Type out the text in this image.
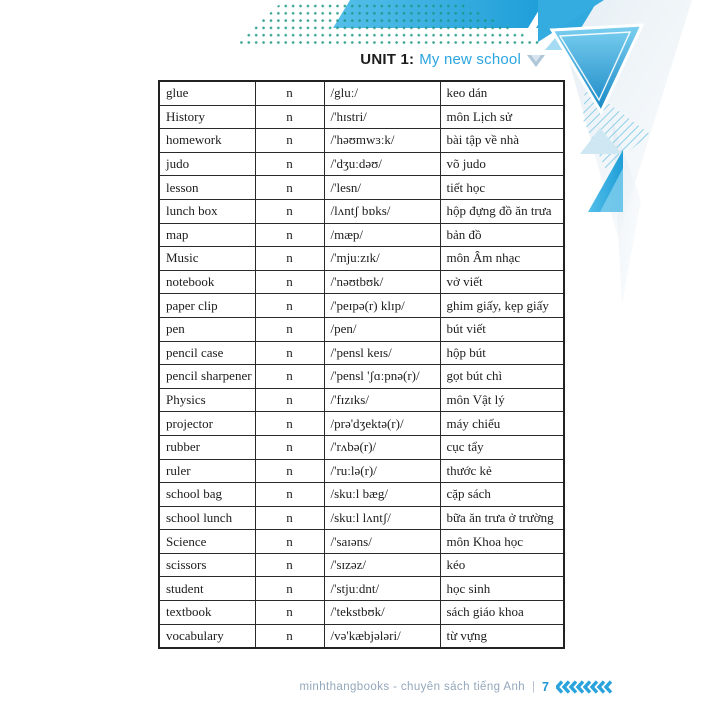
UNIT 1: My new school
glue	n	/gluː/	keo dán
History	n	/'hɪstri/	môn Lịch sử
homework	n	/'həʊmwɜːk/	bài tập về nhà
judo	n	/'dʒuːdəʊ/	võ judo
lesson	n	/'lesn/	tiết học
lunch box	n	/lʌntʃ bɒks/	hộp đựng đồ ăn trưa
map	n	/mæp/	bản đồ
Music	n	/'mjuːzɪk/	môn Âm nhạc
notebook	n	/'nəʊtbʊk/	vở viết
paper clip	n	/'peɪpə(r) klɪp/	ghim giấy, kẹp giấy
pen	n	/pen/	bút viết
pencil case	n	/'pensl keɪs/	hộp bút
pencil sharpener	n	/'pensl 'ʃɑːpnə(r)/	gọt bút chì
Physics	n	/'fɪzɪks/	môn Vật lý
projector	n	/prə'dʒektə(r)/	máy chiếu
rubber	n	/'rʌbə(r)/	cục tẩy
ruler	n	/'ruːlə(r)/	thước kẻ
school bag	n	/skuːl bæg/	cặp sách
school lunch	n	/skuːl lʌntʃ/	bữa ăn trưa ở trường
Science	n	/'saɪəns/	môn Khoa học
scissors	n	/'sɪzəz/	kéo
student	n	/'stjuːdnt/	học sinh
textbook	n	/'tekstbʊk/	sách giáo khoa
vocabulary	n	/və'kæbjələri/	từ vựng
minhthangbooks - chuyên sách tiếng Anh | 7
